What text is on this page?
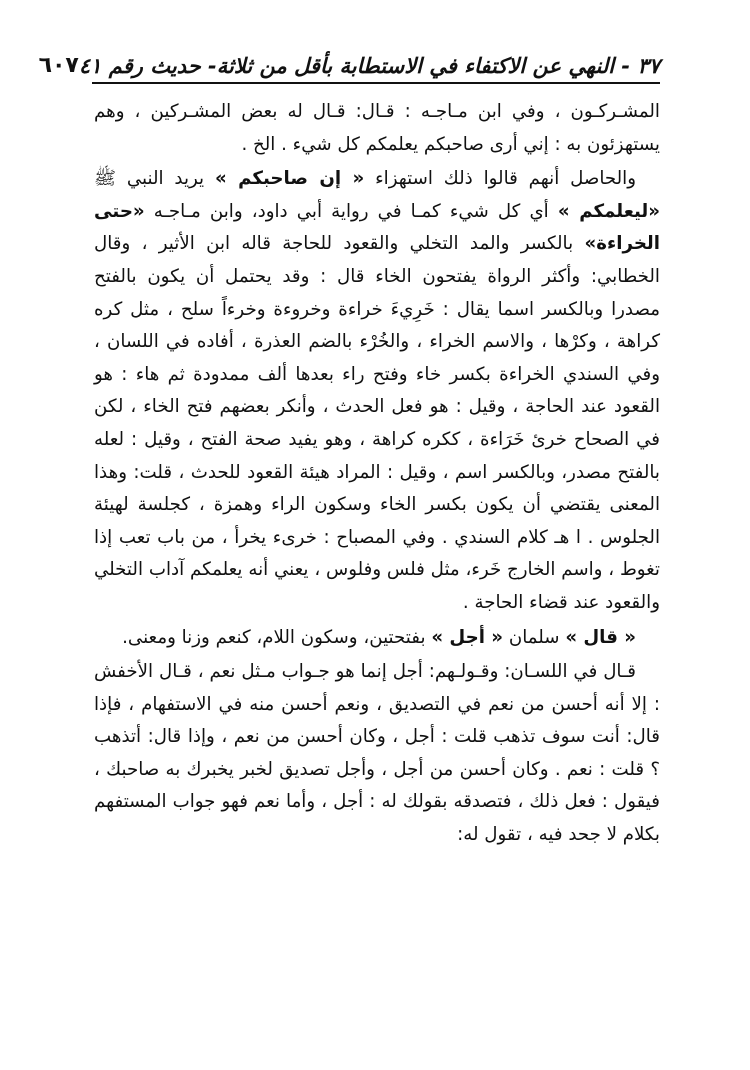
٣٧ - النهي عن الاكتفاء في الاستطابة بأقل من ثلاثة- حديث رقم ٤١
٦٠٧

المشـركـون ، وفي ابن مـاجـه : قـال: قـال له بعض المشـركين ، وهم يستهزئون به : إني أرى صاحبكم يعلمكم كل شيء . الخ .

والحاصل أنهم قالوا ذلك استهزاء « إن صاحبكم » يريد النبي ﷺ «ليعلمكم » أي كل شيء كمـا في رواية أبي داود، وابن مـاجـه «حتى الخراءة» بالكسر والمد التخلي والقعود للحاجة قاله ابن الأثير ، وقال الخطابي: وأكثر الرواة يفتحون الخاء قال : وقد يحتمل أن يكون بالفتح مصدرا وبالكسر اسما يقال : خَرِيءَ خراءة وخروءة وخرءاً سلح ، مثل كره كراهة ، وكرْها ، والاسم الخراء ، والخُرْء بالضم العذرة ، أفاده في اللسان ، وفي السندي الخراءة بكسر خاء وفتح راء بعدها ألف ممدودة ثم هاء : هو القعود عند الحاجة ، وقيل : هو فعل الحدث ، وأنكر بعضهم فتح الخاء ، لكن في الصحاح خرئ خَرَاءة ، ككره كراهة ، وهو يفيد صحة الفتح ، وقيل : لعله بالفتح مصدر، وبالكسر اسم ، وقيل : المراد هيئة القعود للحدث ، قلت: وهذا المعنى يقتضي أن يكون بكسر الخاء وسكون الراء وهمزة ، كجلسة لهيئة الجلوس . ا هـ كلام السندي . وفي المصباح : خرىء يخرأ ، من باب تعب إذا تغوط ، واسم الخارج خَرء، مثل فلس وفلوس ، يعني أنه يعلمكم آداب التخلي والقعود عند قضاء الحاجة .

« قال » سلمان « أجل » بفتحتين، وسكون اللام، كنعم وزنا ومعنى.

قـال في اللسـان: وقـولـهم: أجل إنما هو جـواب مـثل نعم ، قـال الأخفش : إلا أنه أحسن من نعم في التصديق ، ونعم أحسن منه في الاستفهام ، فإذا قال: أنت سوف تذهب قلت : أجل ، وكان أحسن من نعم ، وإذا قال: أتذهب ؟ قلت : نعم . وكان أحسن من أجل ، وأجل تصديق لخبر يخبرك به صاحبك ، فيقول : فعل ذلك ، فتصدقه بقولك له : أجل ، وأما نعم فهو جواب المستفهم بكلام لا جحد فيه ، تقول له:
